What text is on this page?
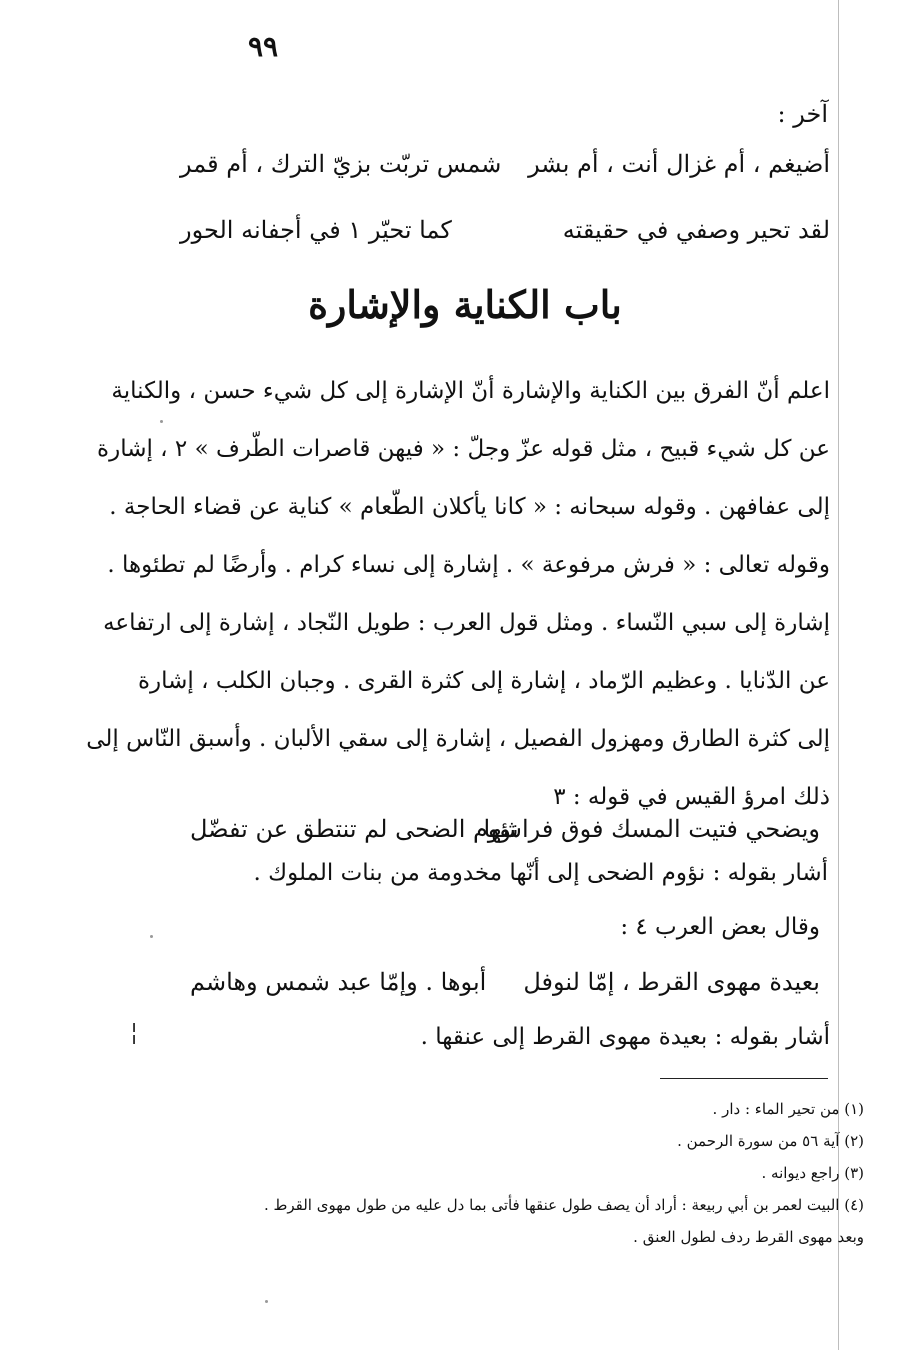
٩٩
آخر :
أضيغم ، أم غزال أنت ، أم بشر
شمس تربّت بزيّ الترك ، أم قمر
لقد تحير وصفي في حقيقته
كما تحيّر ١ في أجفانه الحور
باب الكناية والإشارة
اعلم أنّ الفرق بين الكناية والإشارة أنّ الإشارة إلى كل شيء حسن ، والكناية
عن كل شيء قبيح ، مثل قوله عزّ وجلّ : « فيهن قاصرات الطّرف » ٢ ، إشارة
إلى عفافهن . وقوله سبحانه : « كانا يأكلان الطّعام » كناية عن قضاء الحاجة .
وقوله تعالى : « فرش مرفوعة » . إشارة إلى نساء كرام . وأرضًا لم تطئوها .
إشارة إلى سبي النّساء . ومثل قول العرب : طويل النّجاد ، إشارة إلى ارتفاعه
عن الدّنايا . وعظيم الرّماد ، إشارة إلى كثرة القرى . وجبان الكلب ، إشارة
إلى كثرة الطارق ومهزول الفصيل ، إشارة إلى سقي الألبان . وأسبق النّاس إلى
ذلك امرؤ القيس في قوله : ٣
ويضحي فتيت المسك فوق فراشها
نؤوم الضحى لم تنتطق عن تفضّل
أشار بقوله : نؤوم الضحى إلى أنّها مخدومة من بنات الملوك .
وقال بعض العرب ٤ :
بعيدة مهوى القرط ، إمّا لنوفل
أبوها . وإمّا عبد شمس وهاشم
أشار بقوله : بعيدة مهوى القرط إلى عنقها .
¦
(١) من تحير الماء : دار .
(٢) آية ٥٦ من سورة الرحمن .
(٣) راجع ديوانه .
(٤) البيت لعمر بن أبي ربيعة : أراد أن يصف طول عنقها فأتى بما دل عليه من طول مهوى القرط .
وبعد مهوى القرط ردف لطول العنق .
